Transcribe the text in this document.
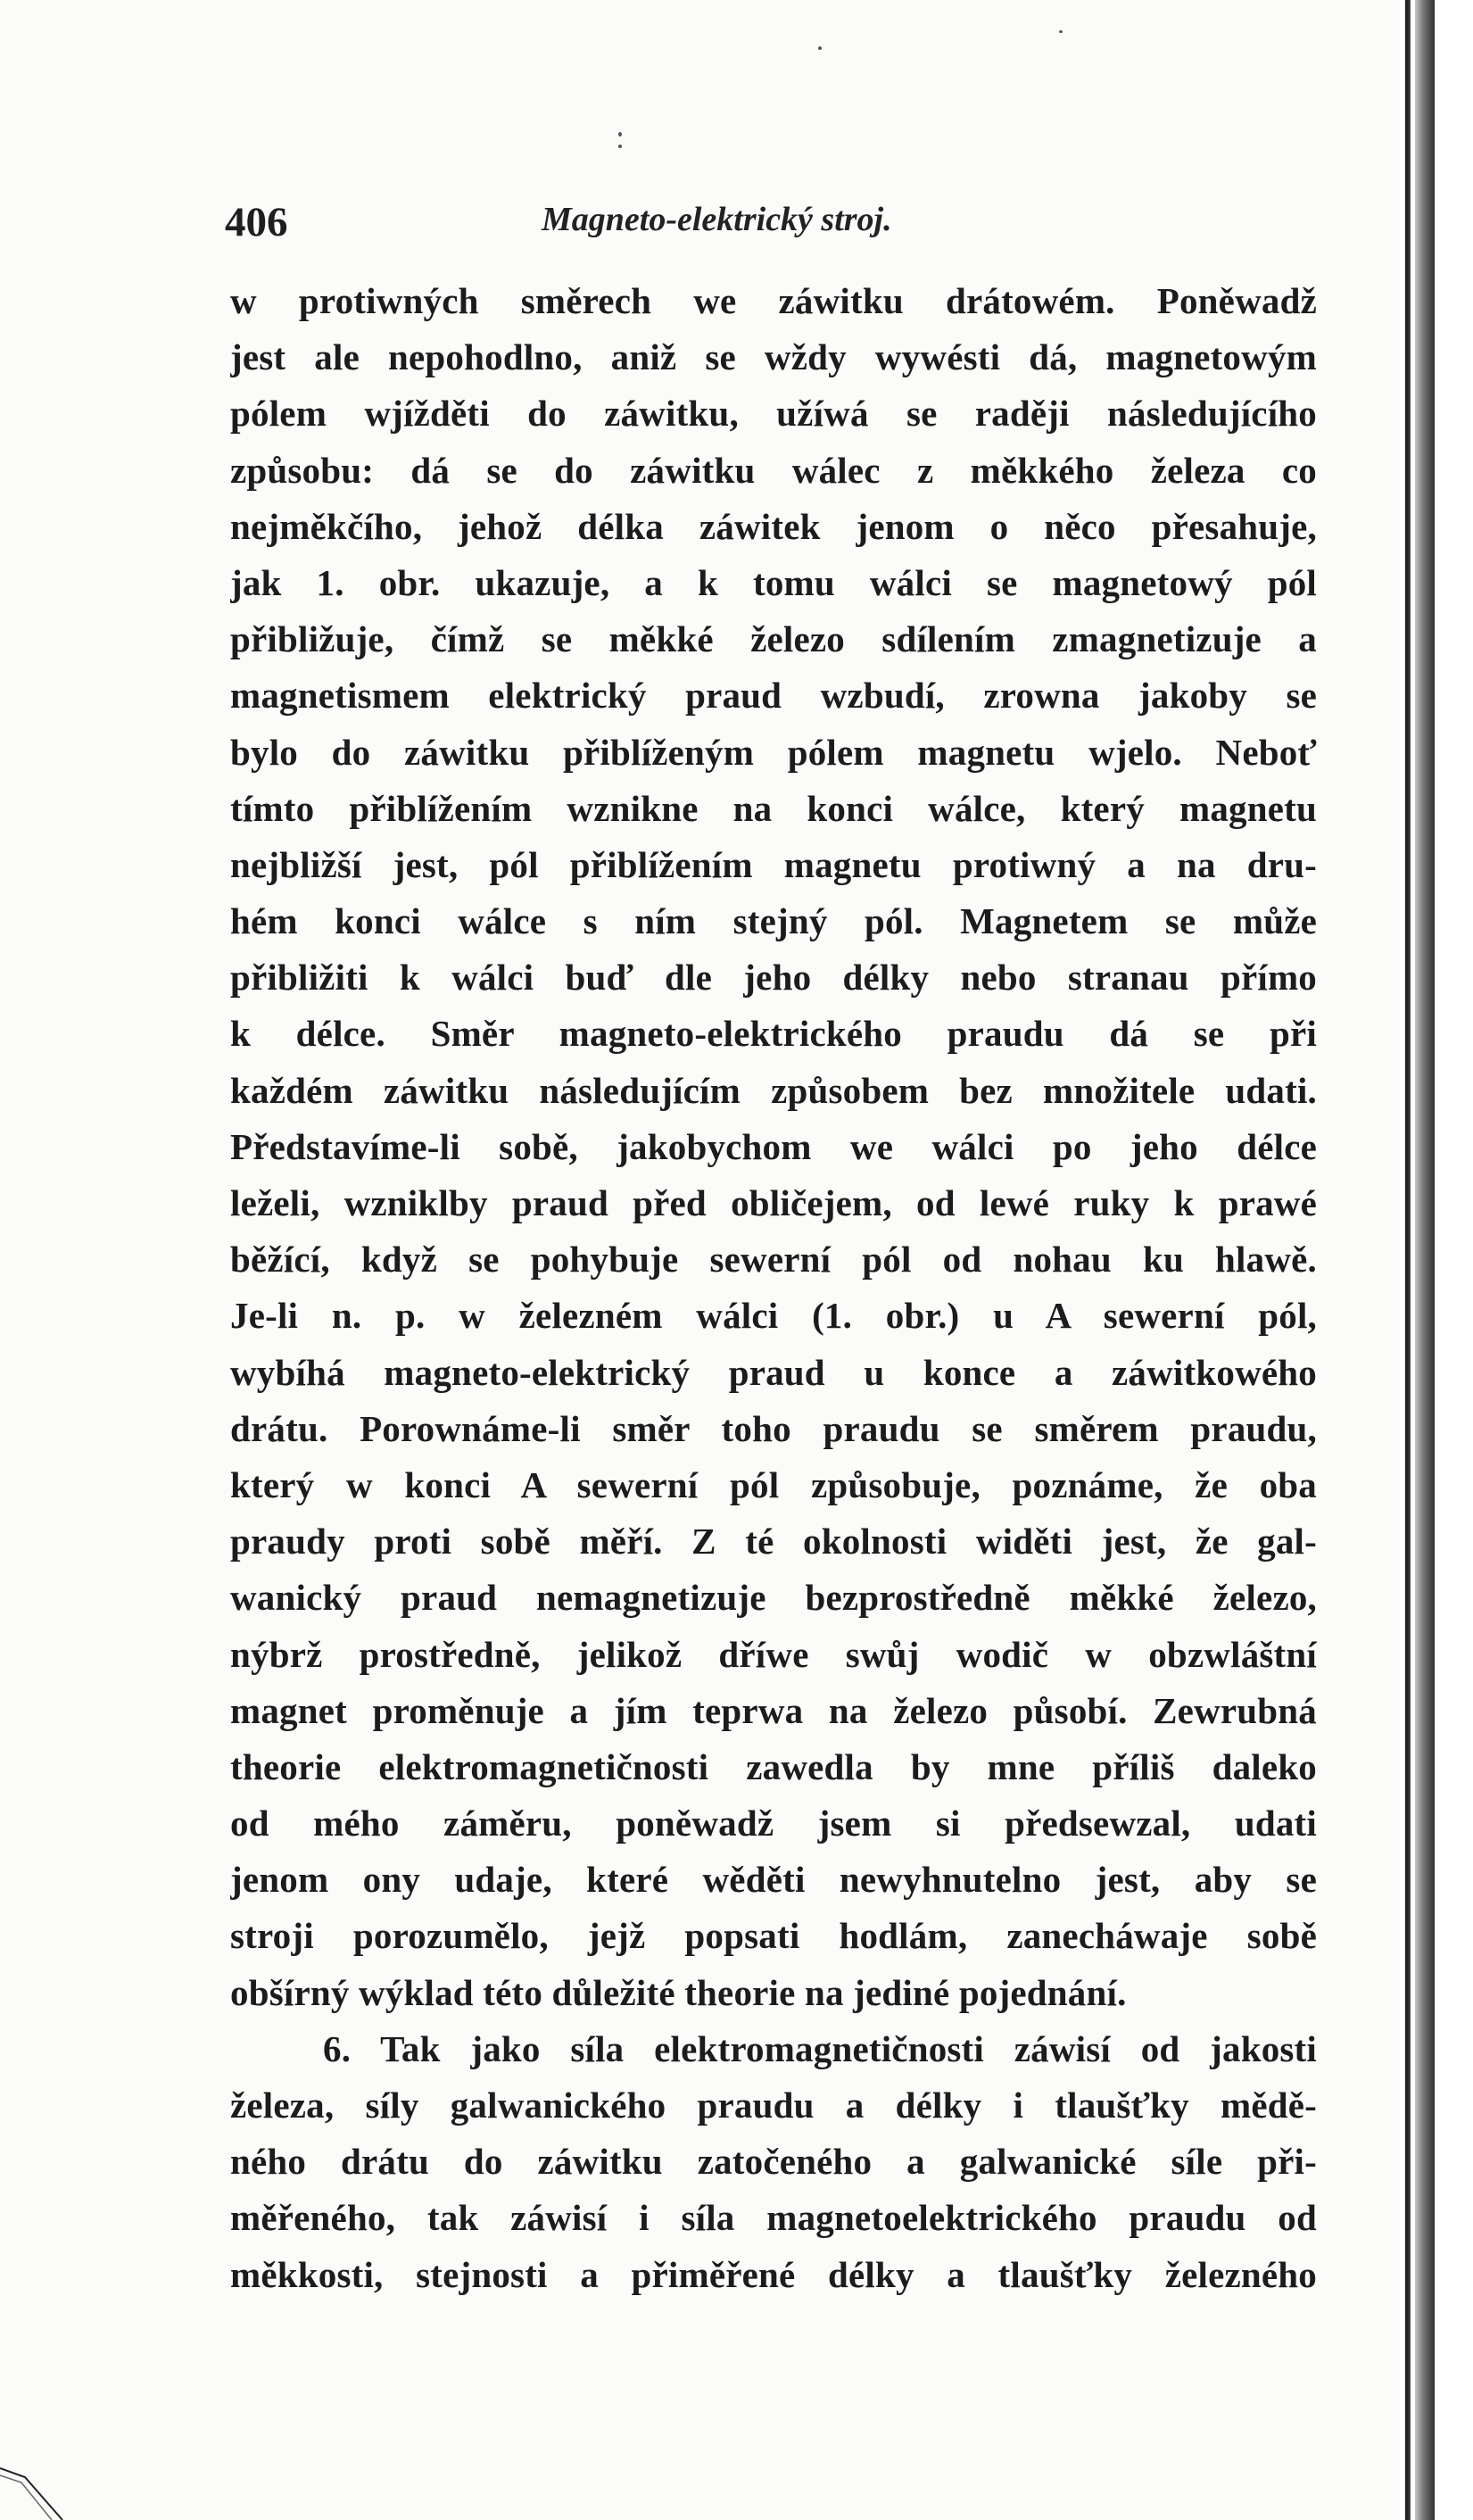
406	Magneto-elektrický stroj.
w protiwných směrech we záwitku drátowém. Poněwadž
jest ale nepohodlno, aniž se wždy wywésti dá, magnetowým
pólem wjížděti do záwitku, užíwá se raději následujícího
způsobu: dá se do záwitku wálec z měkkého železa co
nejměkčího, jehož délka záwitek jenom o něco přesahuje,
jak 1. obr. ukazuje, a k tomu wálci se magnetowý pól
přibližuje, čímž se měkké železo sdílením zmagnetizuje a
magnetismem elektrický praud wzbudí, zrowna jakoby se
bylo do záwitku přiblíženým pólem magnetu wjelo. Neboť
tímto přiblížením wznikne na konci wálce, který magnetu
nejbližší jest, pól přiblížením magnetu protiwný a na dru-
hém konci wálce s ním stejný pól. Magnetem se může
přibližiti k wálci buď dle jeho délky nebo stranau přímo
k délce. Směr magneto-elektrického praudu dá se při
každém záwitku následujícím způsobem bez množitele udati.
Představíme-li sobě, jakobychom we wálci po jeho délce
leželi, wzniklby praud před obličejem, od lewé ruky k prawé
běžící, když se pohybuje sewerní pól od nohau ku hlawě.
Je-li n. p. w železném wálci (1. obr.) u A sewerní pól,
wybíhá magneto-elektrický praud u konce a záwitkowého
drátu. Porownáme-li směr toho praudu se směrem praudu,
který w konci A sewerní pól způsobuje, poznáme, že oba
praudy proti sobě měří. Z té okolnosti widěti jest, že gal-
wanický praud nemagnetizuje bezprostředně měkké železo,
nýbrž prostředně, jelikož dříwe swůj wodič w obzwláštní
magnet proměnuje a jím teprwa na železo působí. Zewrubná
theorie elektromagnetičnosti zawedla by mne příliš daleko
od mého záměru, poněwadž jsem si předsewzal, udati
jenom ony udaje, které wěděti newyhnutelno jest, aby se
stroji porozumělo, jejž popsati hodlám, zanecháwaje sobě
obšírný wýklad této důležité theorie na jediné pojednání.
6. Tak jako síla elektromagnetičnosti záwisí od jakosti
železa, síly galwanického praudu a délky i tlaušťky mědě-
ného drátu do záwitku zatočeného a galwanické síle při-
měřeného, tak záwisí i síla magnetoelektrického praudu od
měkkosti, stejnosti a přiměřené délky a tlaušťky železného
